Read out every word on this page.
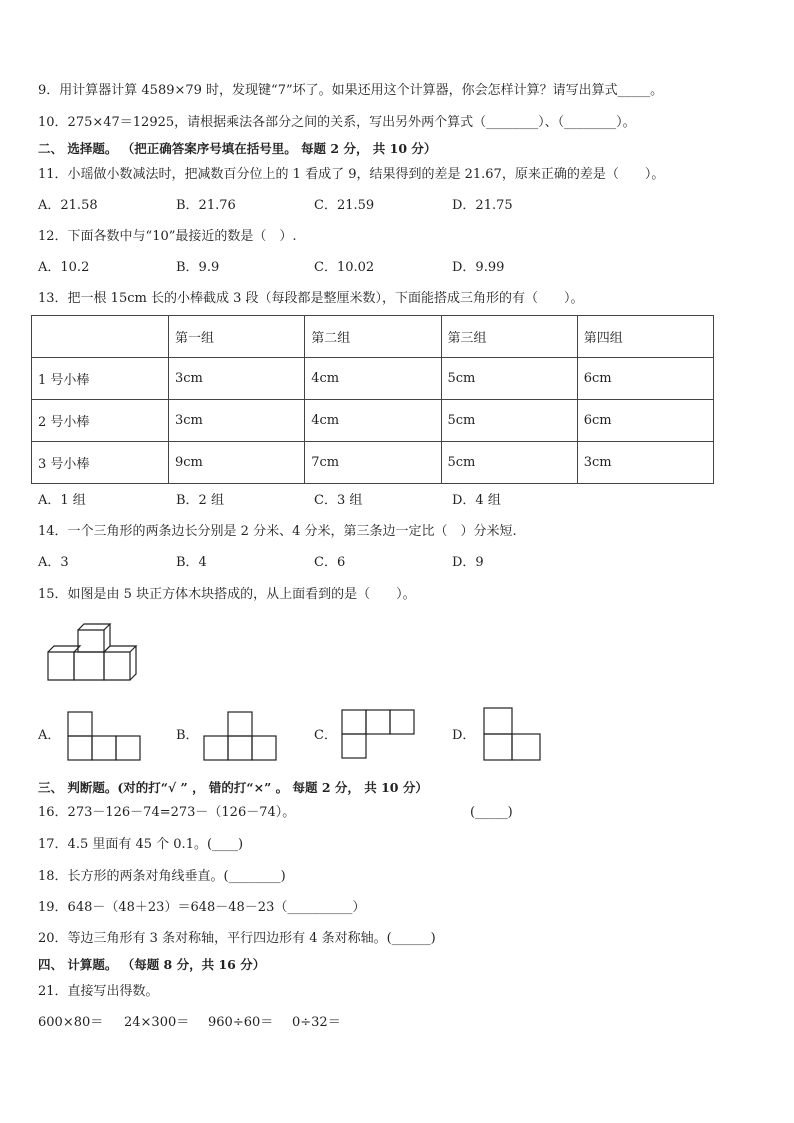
9．用计算器计算 4589×79 时，发现键“7”坏了。如果还用这个计算器，你会怎样计算？请写出算式_____。
10．275×47＝12925，请根据乘法各部分之间的关系，写出另外两个算式（________）、（________）。
二、 选择题。 （把正确答案序号填在括号里。 每题 2 分， 共 10 分）
11．小瑶做小数减法时，把减数百分位上的 1 看成了 9，结果得到的差是 21.67，原来正确的差是（　　）。
A．21.58	B．21.76	C．21.59	D．21.75
12．下面各数中与“10”最接近的数是（　）.
A．10.2	B．9.9	C．10.02	D．9.99
13．把一根 15cm 长的小棒截成 3 段（每段都是整厘米数），下面能搭成三角形的有（　　）。
	第一组	第二组	第三组	第四组
1 号小棒	3cm	4cm	5cm	6cm
2 号小棒	3cm	4cm	5cm	6cm
3 号小棒	9cm	7cm	5cm	3cm
A．1 组	B．2 组	C．3 组	D．4 组
14．一个三角形的两条边长分别是 2 分米、4 分米，第三条边一定比（　）分米短.
A．3	B．4	C．6	D．9
15．如图是由 5 块正方体木块搭成的，从上面看到的是（　　）。
A．	B．	C．	D．
三、 判断题。(对的打“√ ” ， 错的打“×” 。 每题 2 分， 共 10 分）
16．273－126－74=273－（126－74）。	(_____)
17．4.5 里面有 45 个 0.1。(____)
18．长方形的两条对角线垂直。(________)
19．648－（48＋23）＝648－48－23（__________）
20．等边三角形有 3 条对称轴，平行四边形有 4 条对称轴。(______)
四、 计算题。 （每题 8 分，共 16 分）
21．直接写出得数。
600×80＝ 24×300＝ 960÷60＝ 0÷32＝
